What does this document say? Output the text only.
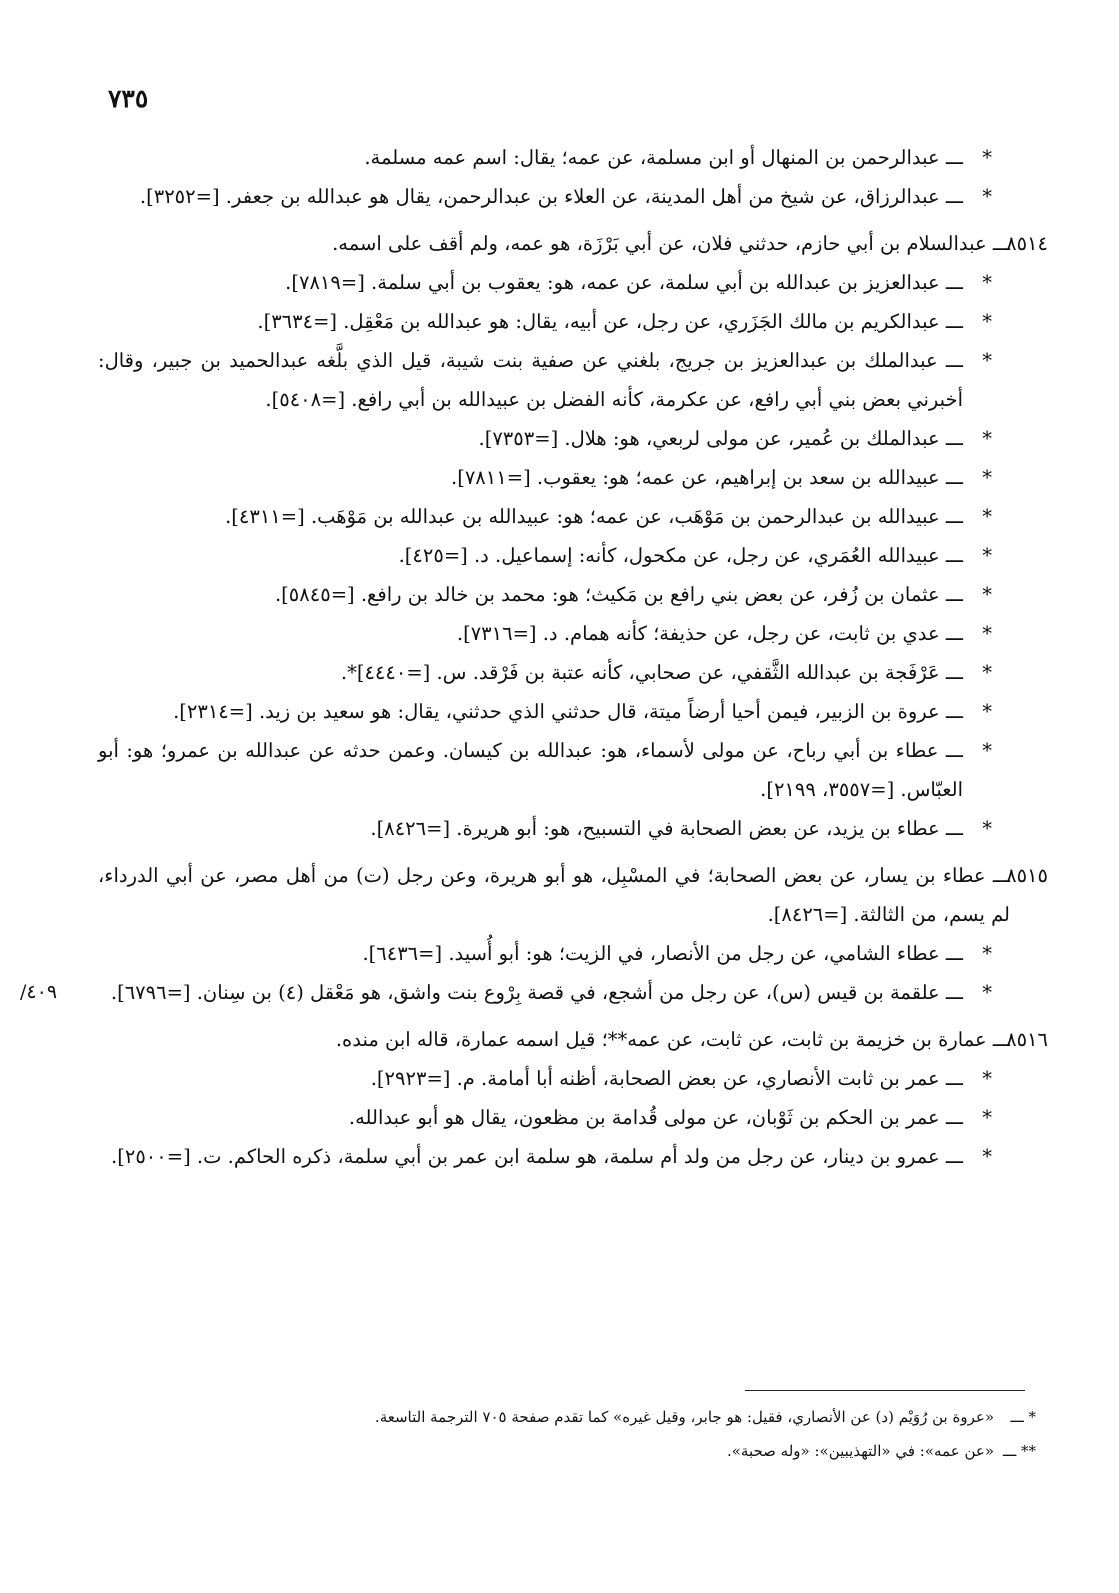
٧٣٥

*
ـــ عبدالرحمن بن المنهال أو ابن مسلمة، عن عمه؛ يقال: اسم عمه مسلمة.

*
ـــ عبدالرزاق، عن شيخ من أهل المدينة، عن العلاء بن عبدالرحمن، يقال هو عبدالله بن جعفر. [=٣٢٥٢].

٨٥١٤
ـــ عبدالسلام بن أبي حازم، حدثني فلان، عن أبي بَرْزَة، هو عمه، ولم أقف على اسمه.

*
ـــ عبدالعزيز بن عبدالله بن أبي سلمة، عن عمه، هو: يعقوب بن أبي سلمة. [=٧٨١٩].

*
ـــ عبدالكريم بن مالك الجَزَري، عن رجل، عن أبيه، يقال: هو عبدالله بن مَعْقِل. [=٣٦٣٤].

*
ـــ عبدالملك بن عبدالعزيز بن جريج، بلغني عن صفية بنت شيبة، قيل الذي بلَّغه عبدالحميد بن جبير، وقال: أخبرني بعض بني أبي رافع، عن عكرمة، كأنه الفضل بن عبيدالله بن أبي رافع. [=٥٤٠٨].

*
ـــ عبدالملك بن عُمير، عن مولى لربعي، هو: هلال. [=٧٣٥٣].

*
ـــ عبيدالله بن سعد بن إبراهيم، عن عمه؛ هو: يعقوب. [=٧٨١١].

*
ـــ عبيدالله بن عبدالرحمن بن مَوْهَب، عن عمه؛ هو: عبيدالله بن عبدالله بن مَوْهَب. [=٤٣١١].

*
ـــ عبيدالله العُمَري، عن رجل، عن مكحول، كأنه: إسماعيل. د. [=٤٢٥].

*
ـــ عثمان بن زُفر، عن بعض بني رافع بن مَكيث؛ هو: محمد بن خالد بن رافع. [=٥٨٤٥].

*
ـــ عدي بن ثابت، عن رجل، عن حذيفة؛ كأنه همام. د. [=٧٣١٦].

*
ـــ عَرْفَجة بن عبدالله الثَّقفي، عن صحابي، كأنه عتبة بن فَرْقد. س. [=٤٤٤٠]*.

*
ـــ عروة بن الزبير، فيمن أحيا أرضاً ميتة، قال حدثني الذي حدثني، يقال: هو سعيد بن زيد. [=٢٣١٤].

*
ـــ عطاء بن أبي رباح، عن مولى لأسماء، هو: عبدالله بن كيسان. وعمن حدثه عن عبدالله بن عمرو؛ هو: أبو العبّاس. [=٣٥٥٧، ٢١٩٩].

*
ـــ عطاء بن يزيد، عن بعض الصحابة في التسبيح، هو: أبو هريرة. [=٨٤٢٦].

٨٥١٥
ـــ عطاء بن يسار، عن بعض الصحابة؛ في المسْبِل، هو أبو هريرة، وعن رجل (ت) من أهل مصر، عن أبي الدرداء، لم يسم، من الثالثة. [=٨٤٢٦].

*
ـــ عطاء الشامي، عن رجل من الأنصار، في الزيت؛ هو: أبو أُسيد. [=٦٤٣٦].

*
ـــ علقمة بن قيس (س)، عن رجل من أشجع، في قصة بِرْوع بنت واشق، هو مَعْقل (٤) بن سِنان. [=٦٧٩٦].
/٤٠٩

٨٥١٦
ـــ عمارة بن خزيمة بن ثابت، عن ثابت، عن عمه**؛ قيل اسمه عمارة، قاله ابن منده.

*
ـــ عمر بن ثابت الأنصاري، عن بعض الصحابة، أظنه أبا أمامة. م. [=٢٩٢٣].

*
ـــ عمر بن الحكم بن ثَوْبان، عن مولى قُدامة بن مظعون، يقال هو أبو عبدالله.

*
ـــ عمرو بن دينار، عن رجل من ولد أم سلمة، هو سلمة ابن عمر بن أبي سلمة، ذكره الحاكم. ت. [=٢٥٠٠].

* ـــ
«عروة بن رُوَيْم (د) عن الأنصاري، فقيل: هو جابر، وقيل غيره» كما تقدم صفحة ٧٠٥ الترجمة التاسعة.

** ـــ
«عن عمه»: في «التهذيبين»: «وله صحبة».
